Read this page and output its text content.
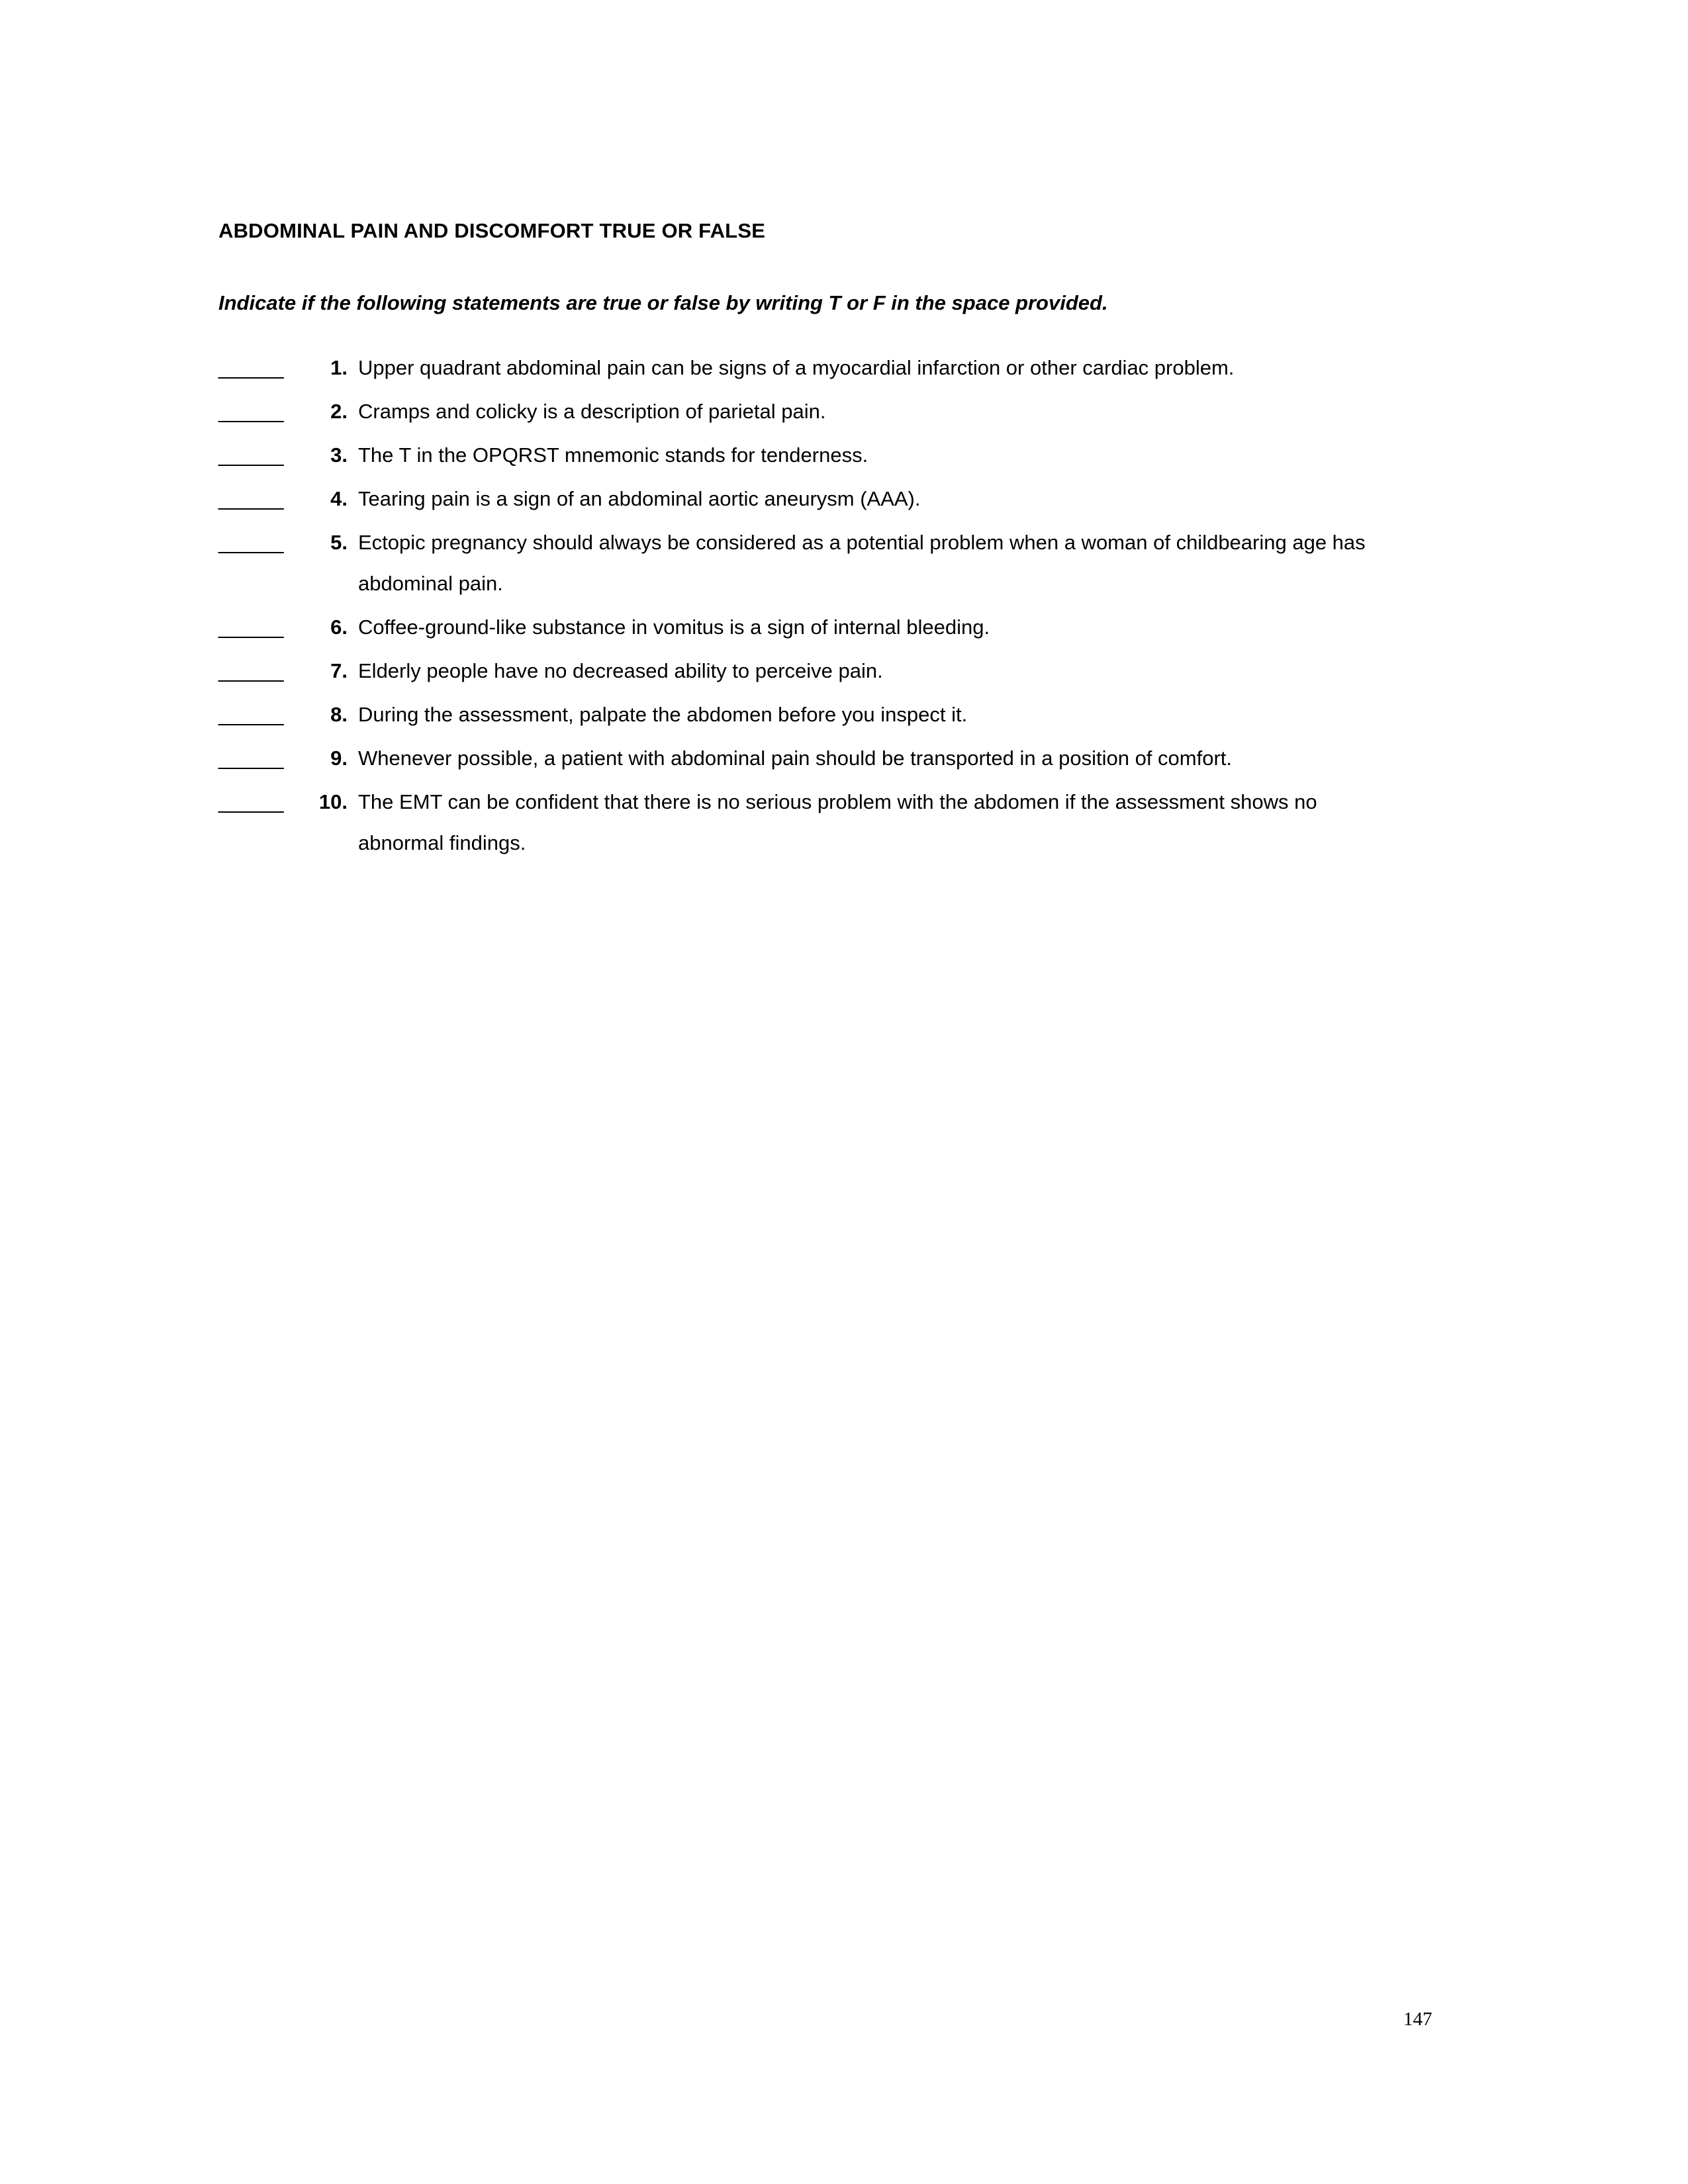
ABDOMINAL PAIN AND DISCOMFORT TRUE OR FALSE

Indicate if the following statements are true or false by writing T or F in the space provided.

______	1. Upper quadrant abdominal pain can be signs of a myocardial infarction or other cardiac problem.
______	2. Cramps and colicky is a description of parietal pain.
______	3. The T in the OPQRST mnemonic stands for tenderness.
______	4. Tearing pain is a sign of an abdominal aortic aneurysm (AAA).
______	5. Ectopic pregnancy should always be considered as a potential problem when a woman of childbearing age has abdominal pain.
______	6. Coffee-ground-like substance in vomitus is a sign of internal bleeding.
______	7. Elderly people have no decreased ability to perceive pain.
______	8. During the assessment, palpate the abdomen before you inspect it.
______	9. Whenever possible, a patient with abdominal pain should be transported in a position of comfort.
______	10. The EMT can be confident that there is no serious problem with the abdomen if the assessment shows no abnormal findings.
147
